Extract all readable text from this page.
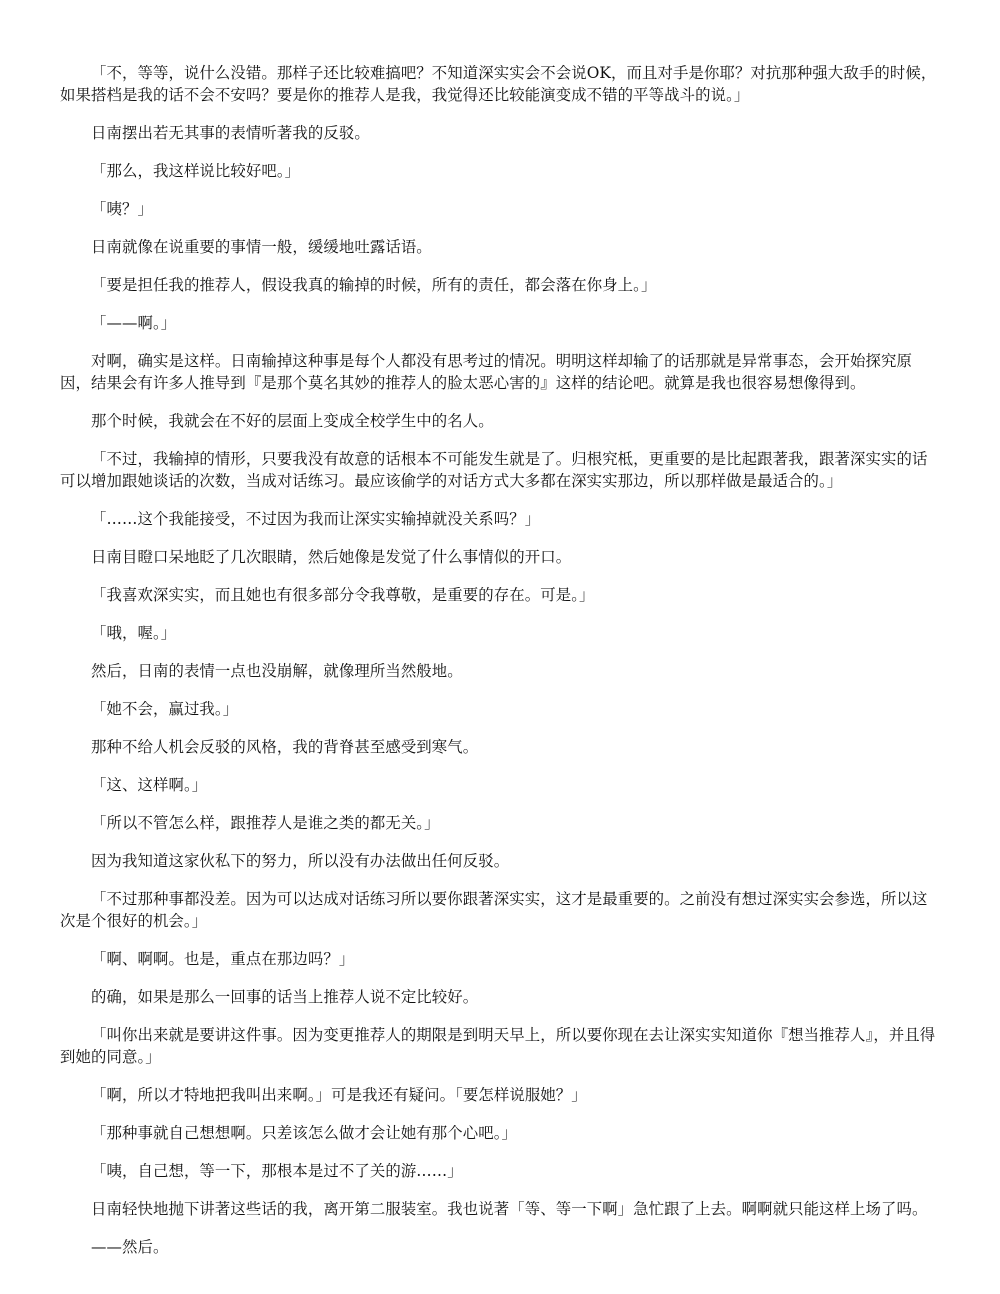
「不，等等，说什么没错。那样子还比较难搞吧？不知道深实实会不会说OK，而且对手是你耶？对抗那种强大敌手的时候，如果搭档是我的话不会不安吗？要是你的推荐人是我，我觉得还比较能演变成不错的平等战斗的说。」

日南摆出若无其事的表情听著我的反驳。

「那么，我这样说比较好吧。」

「咦？」

日南就像在说重要的事情一般，缓缓地吐露话语。

「要是担任我的推荐人，假设我真的输掉的时候，所有的责任，都会落在你身上。」

「——啊。」

对啊，确实是这样。日南输掉这种事是每个人都没有思考过的情况。明明这样却输了的话那就是异常事态，会开始探究原因，结果会有许多人推导到『是那个莫名其妙的推荐人的脸太恶心害的』这样的结论吧。就算是我也很容易想像得到。

那个时候，我就会在不好的层面上变成全校学生中的名人。

「不过，我输掉的情形，只要我没有故意的话根本不可能发生就是了。归根究柢，更重要的是比起跟著我，跟著深实实的话可以增加跟她谈话的次数，当成对话练习。最应该偷学的对话方式大多都在深实实那边，所以那样做是最适合的。」

「……这个我能接受，不过因为我而让深实实输掉就没关系吗？」

日南目瞪口呆地眨了几次眼睛，然后她像是发觉了什么事情似的开口。

「我喜欢深实实，而且她也有很多部分令我尊敬，是重要的存在。可是。」

「哦，喔。」

然后，日南的表情一点也没崩解，就像理所当然般地。

「她不会，赢过我。」

那种不给人机会反驳的风格，我的背脊甚至感受到寒气。

「这、这样啊。」

「所以不管怎么样，跟推荐人是谁之类的都无关。」

因为我知道这家伙私下的努力，所以没有办法做出任何反驳。

「不过那种事都没差。因为可以达成对话练习所以要你跟著深实实，这才是最重要的。之前没有想过深实实会参选，所以这次是个很好的机会。」

「啊、啊啊。也是，重点在那边吗？」

的确，如果是那么一回事的话当上推荐人说不定比较好。

「叫你出来就是要讲这件事。因为变更推荐人的期限是到明天早上，所以要你现在去让深实实知道你『想当推荐人』，并且得到她的同意。」

「啊，所以才特地把我叫出来啊。」可是我还有疑问。「要怎样说服她？」

「那种事就自己想想啊。只差该怎么做才会让她有那个心吧。」

「咦，自己想，等一下，那根本是过不了关的游……」

日南轻快地抛下讲著这些话的我，离开第二服装室。我也说著「等、等一下啊」急忙跟了上去。啊啊就只能这样上场了吗。

——然后。
